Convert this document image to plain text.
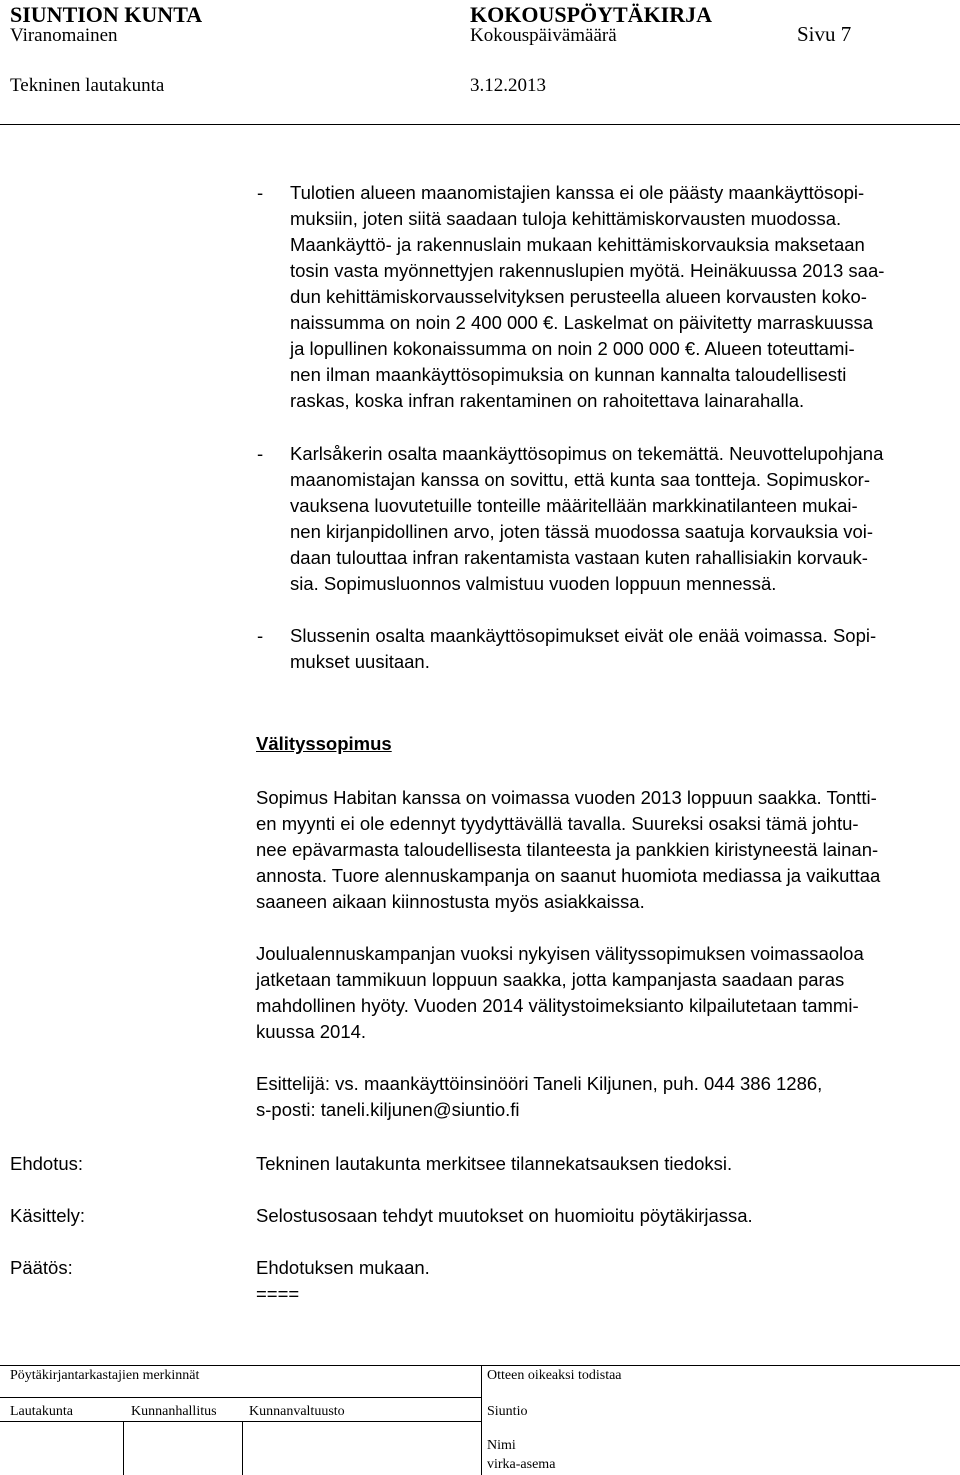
SIUNTION KUNTA	KOKOUSPÖYTÄKIRJA
Viranomainen	Kokouspäivämäärä	Sivu 7
Tekninen lautakunta	3.12.2013
- Tulotien alueen maanomistajien kanssa ei ole päästy maankäyttösopi-
muksiin, joten siitä saadaan tuloja kehittämiskorvausten muodossa.
Maankäyttö- ja rakennuslain mukaan kehittämiskorvauksia maksetaan
tosin vasta myönnettyjen rakennuslupien myötä. Heinäkuussa 2013 saa-
dun kehittämiskorvausselvityksen perusteella alueen korvausten koko-
naissumma on noin 2 400 000 €. Laskelmat on päivitetty marraskuussa
ja lopullinen kokonaissumma on noin 2 000 000 €. Alueen toteuttami-
nen ilman maankäyttösopimuksia on kunnan kannalta taloudellisesti
raskas, koska infran rakentaminen on rahoitettava lainarahalla.
- Karlsåkerin osalta maankäyttösopimus on tekemättä. Neuvottelupohjana
maanomistajan kanssa on sovittu, että kunta saa tontteja. Sopimuskor-
vauksena luovutetuille tonteille määritellään markkinatilanteen mukai-
nen kirjanpidollinen arvo, joten tässä muodossa saatuja korvauksia voi-
daan tulouttaa infran rakentamista vastaan kuten rahallisiakin korvauk-
sia. Sopimusluonnos valmistuu vuoden loppuun mennessä.
- Slussenin osalta maankäyttösopimukset eivät ole enää voimassa. Sopi-
mukset uusitaan.
Välityssopimus
Sopimus Habitan kanssa on voimassa vuoden 2013 loppuun saakka. Tontti-
en myynti ei ole edennyt tyydyttävällä tavalla. Suureksi osaksi tämä johtu-
nee epävarmasta taloudellisesta tilanteesta ja pankkien kiristyneestä lainan-
annosta. Tuore alennuskampanja on saanut huomiota mediassa ja vaikuttaa
saaneen aikaan kiinnostusta myös asiakkaissa.
Joulualennuskampanjan vuoksi nykyisen välityssopimuksen voimassaoloa
jatketaan tammikuun loppuun saakka, jotta kampanjasta saadaan paras
mahdollinen hyöty. Vuoden 2014 välitystoimeksianto kilpailutetaan tammi-
kuussa 2014.
Esittelijä: vs. maankäyttöinsinööri Taneli Kiljunen, puh. 044 386 1286,
s-posti: taneli.kiljunen@siuntio.fi
Ehdotus:	Tekninen lautakunta merkitsee tilannekatsauksen tiedoksi.
Käsittely:	Selostusosaan tehdyt muutokset on huomioitu pöytäkirjassa.
Päätös:	Ehdotuksen mukaan.
====
Pöytäkirjantarkastajien merkinnät	Otteen oikeaksi todistaa
Lautakunta	Kunnanhallitus Kunnanvaltuusto	Siuntio
Nimi
virka-asema
